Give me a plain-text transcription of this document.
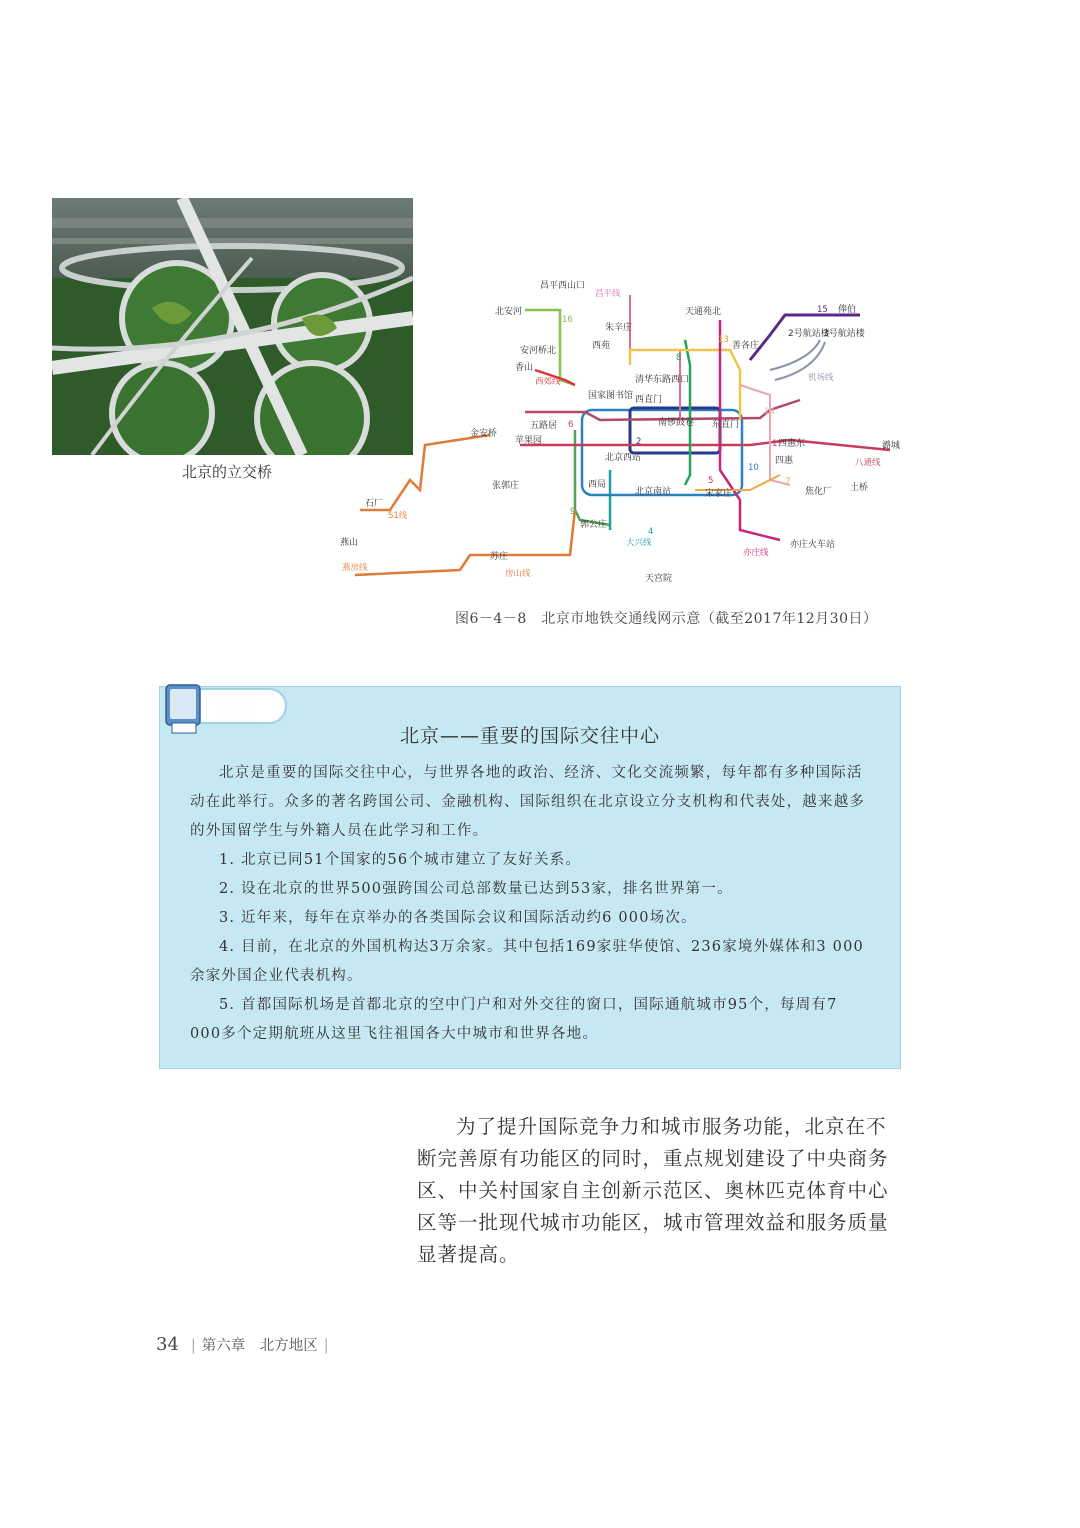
北京的立交桥
昌平西山口
北安河
朱辛庄
天通苑北	俸伯
安河桥北	西苑	善各庄
香山
清华东路西口
国家图书馆 西直门
五路居
金安桥
苹果园
南锣鼓巷 东直门
四惠东	潞城
北京西站	四惠
土桥
张郭庄	西局
北京南站	宋家庄	焦化厂
石厂
郭公庄
亦庄火车站
燕山
苏庄
天宫院
2号航站楼
3号航站楼
昌平线
西郊线
S1线
燕房线
房山线
大兴线
亦庄线
八通线
机场线
15
16
13
8
14
6
1
2
10
4
5	7
9
图6－4－8　北京市地铁交通线网示意（截至2017年12月30日）
阅读
北京——重要的国际交往中心

北京是重要的国际交往中心，与世界各地的政治、经济、文化交流频繁，每年都有多种国际活动在此举行。众多的著名跨国公司、金融机构、国际组织在北京设立分支机构和代表处，越来越多的外国留学生与外籍人员在此学习和工作。

1. 北京已同51个国家的56个城市建立了友好关系。

2. 设在北京的世界500强跨国公司总部数量已达到53家，排名世界第一。

3. 近年来，每年在京举办的各类国际会议和国际活动约6 000场次。

4. 目前，在北京的外国机构达3万余家。其中包括169家驻华使馆、236家境外媒体和3 000余家外国企业代表机构。

5. 首都国际机场是首都北京的空中门户和对外交往的窗口，国际通航城市95个，每周有7 000多个定期航班从这里飞往祖国各大中城市和世界各地。

为了提升国际竞争力和城市服务功能，北京在不断完善原有功能区的同时，重点规划建设了中央商务区、中关村国家自主创新示范区、奥林匹克体育中心区等一批现代城市功能区，城市管理效益和服务质量显著提高。
34 | 第六章　北方地区 |
